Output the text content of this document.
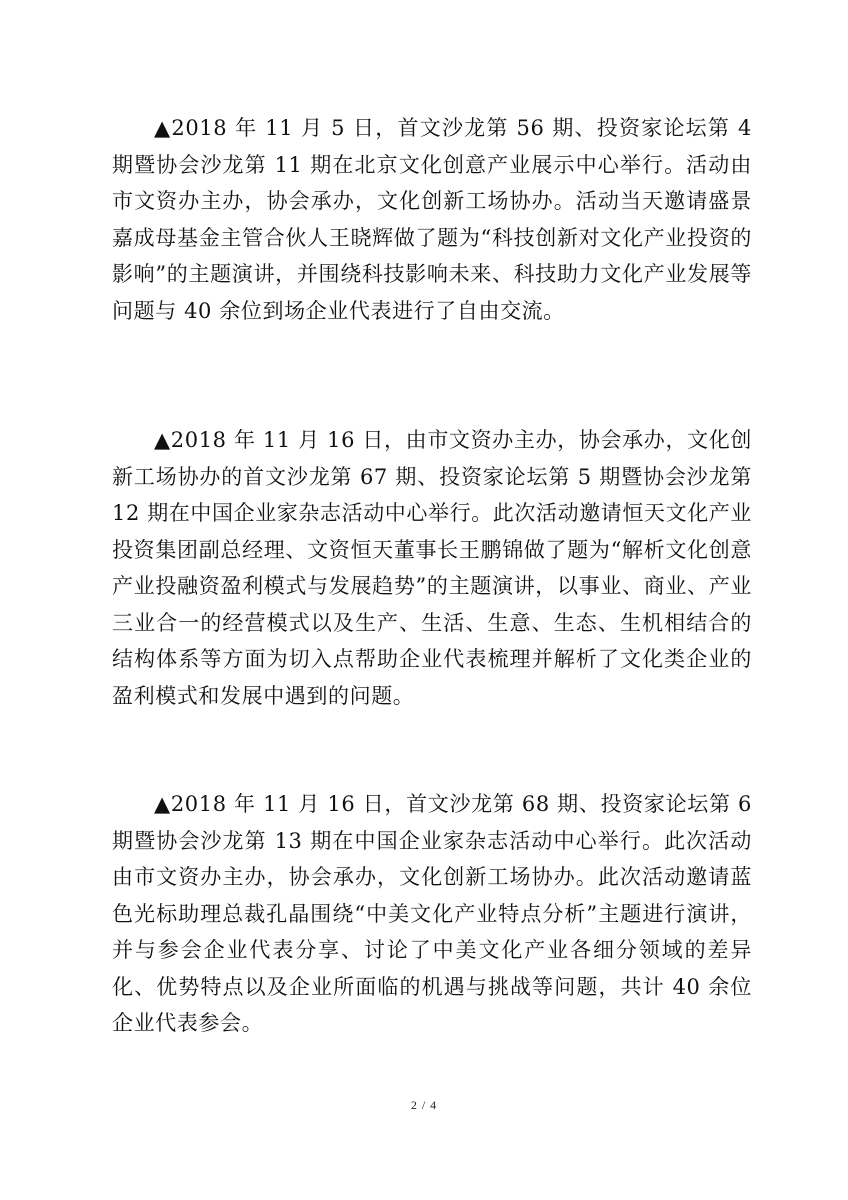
▲2018 年 11 月 5 日，首文沙龙第 56 期、投资家论坛第 4 期暨协会沙龙第 11 期在北京文化创意产业展示中心举行。活动由市文资办主办，协会承办，文化创新工场协办。活动当天邀请盛景嘉成母基金主管合伙人王晓辉做了题为“科技创新对文化产业投资的影响”的主题演讲，并围绕科技影响未来、科技助力文化产业发展等问题与 40 余位到场企业代表进行了自由交流。

▲2018 年 11 月 16 日，由市文资办主办，协会承办，文化创新工场协办的首文沙龙第 67 期、投资家论坛第 5 期暨协会沙龙第 12 期在中国企业家杂志活动中心举行。此次活动邀请恒天文化产业投资集团副总经理、文资恒天董事长王鹏锦做了题为“解析文化创意产业投融资盈利模式与发展趋势”的主题演讲，以事业、商业、产业三业合一的经营模式以及生产、生活、生意、生态、生机相结合的结构体系等方面为切入点帮助企业代表梳理并解析了文化类企业的盈利模式和发展中遇到的问题。

▲2018 年 11 月 16 日，首文沙龙第 68 期、投资家论坛第 6 期暨协会沙龙第 13 期在中国企业家杂志活动中心举行。此次活动由市文资办主办，协会承办，文化创新工场协办。此次活动邀请蓝色光标助理总裁孔晶围绕“中美文化产业特点分析”主题进行演讲，并与参会企业代表分享、讨论了中美文化产业各细分领域的差异化、优势特点以及企业所面临的机遇与挑战等问题，共计 40 余位企业代表参会。

2 / 4
